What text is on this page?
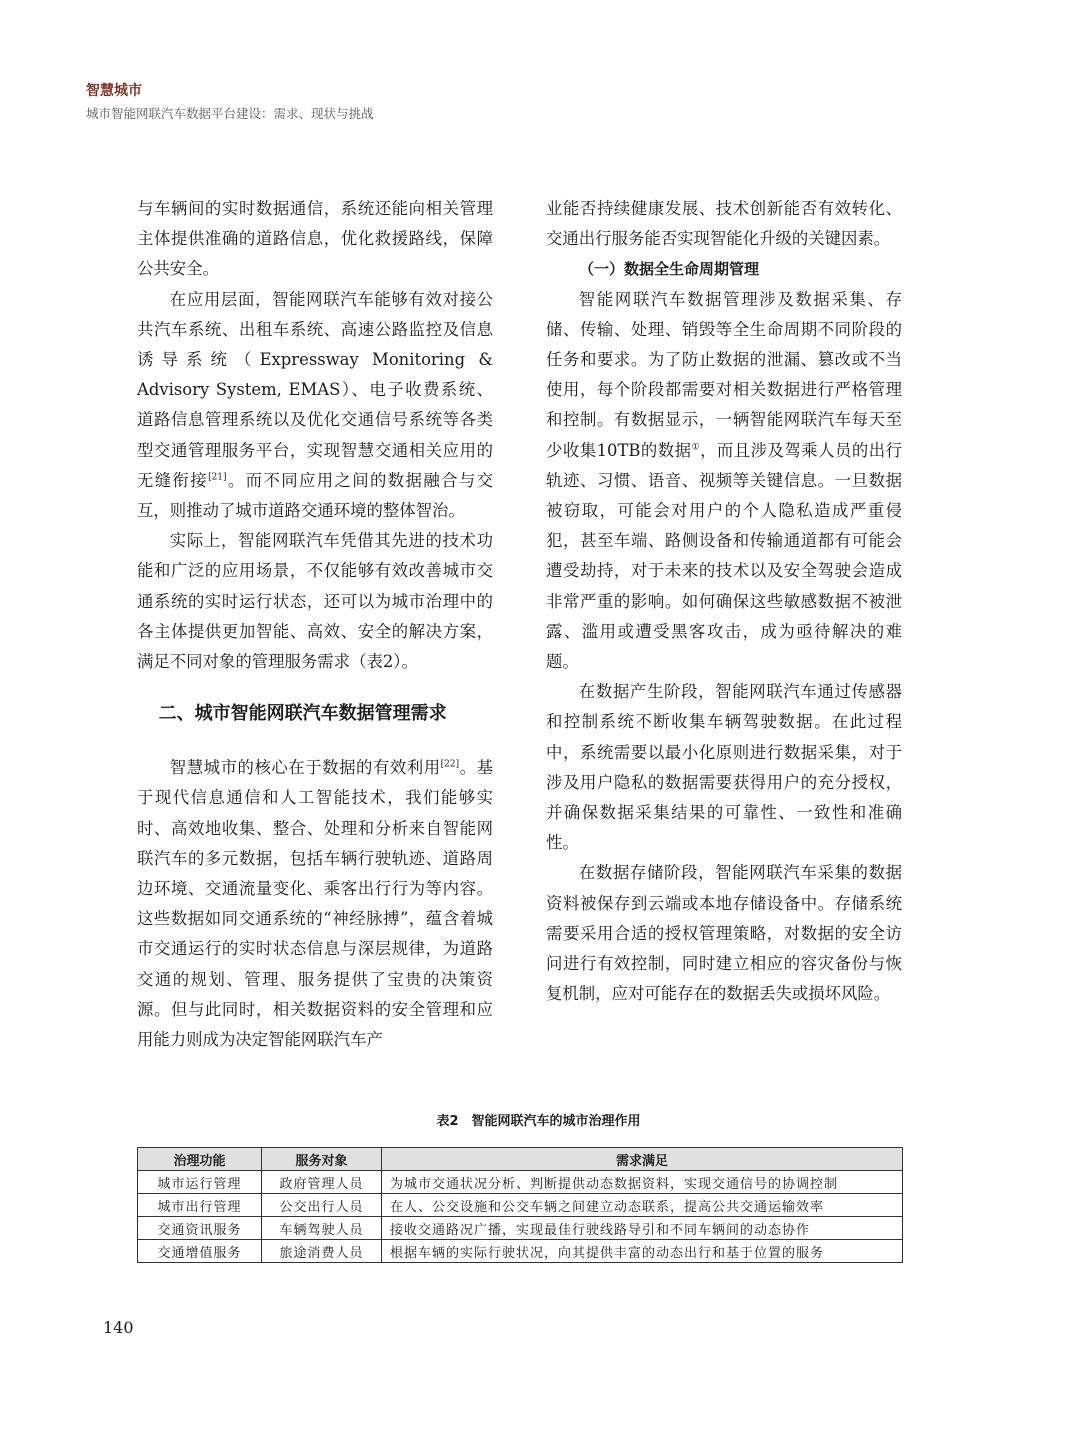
智慧城市
城市智能网联汽车数据平台建设：需求、现状与挑战

与车辆间的实时数据通信，系统还能向相关管理主体提供准确的道路信息，优化救援路线，保障公共安全。

在应用层面，智能网联汽车能够有效对接公共汽车系统、出租车系统、高速公路监控及信息诱导系统（Expressway Monitoring & Advisory System, EMAS）、电子收费系统、道路信息管理系统以及优化交通信号系统等各类型交通管理服务平台，实现智慧交通相关应用的无缝衔接[21]。而不同应用之间的数据融合与交互，则推动了城市道路交通环境的整体智治。

实际上，智能网联汽车凭借其先进的技术功能和广泛的应用场景，不仅能够有效改善城市交通系统的实时运行状态，还可以为城市治理中的各主体提供更加智能、高效、安全的解决方案，满足不同对象的管理服务需求（表2）。

二、城市智能网联汽车数据管理需求

智慧城市的核心在于数据的有效利用[22]。基于现代信息通信和人工智能技术，我们能够实时、高效地收集、整合、处理和分析来自智能网联汽车的多元数据，包括车辆行驶轨迹、道路周边环境、交通流量变化、乘客出行行为等内容。这些数据如同交通系统的“神经脉搏”，蕴含着城市交通运行的实时状态信息与深层规律，为道路交通的规划、管理、服务提供了宝贵的决策资源。但与此同时，相关数据资料的安全管理和应用能力则成为决定智能网联汽车产

业能否持续健康发展、技术创新能否有效转化、交通出行服务能否实现智能化升级的关键因素。

（一）数据全生命周期管理

智能网联汽车数据管理涉及数据采集、存储、传输、处理、销毁等全生命周期不同阶段的任务和要求。为了防止数据的泄漏、篡改或不当使用，每个阶段都需要对相关数据进行严格管理和控制。有数据显示，一辆智能网联汽车每天至少收集10TB的数据①，而且涉及驾乘人员的出行轨迹、习惯、语音、视频等关键信息。一旦数据被窃取，可能会对用户的个人隐私造成严重侵犯，甚至车端、路侧设备和传输通道都有可能会遭受劫持，对于未来的技术以及安全驾驶会造成非常严重的影响。如何确保这些敏感数据不被泄露、滥用或遭受黑客攻击，成为亟待解决的难题。

在数据产生阶段，智能网联汽车通过传感器和控制系统不断收集车辆驾驶数据。在此过程中，系统需要以最小化原则进行数据采集，对于涉及用户隐私的数据需要获得用户的充分授权，并确保数据采集结果的可靠性、一致性和准确性。

在数据存储阶段，智能网联汽车采集的数据资料被保存到云端或本地存储设备中。存储系统需要采用合适的授权管理策略，对数据的安全访问进行有效控制，同时建立相应的容灾备份与恢复机制，应对可能存在的数据丢失或损坏风险。

表2　智能网联汽车的城市治理作用
治理功能	服务对象	需求满足
城市运行管理	政府管理人员	为城市交通状况分析、判断提供动态数据资料，实现交通信号的协调控制
城市出行管理	公交出行人员	在人、公交设施和公交车辆之间建立动态联系，提高公共交通运输效率
交通资讯服务	车辆驾驶人员	接收交通路况广播，实现最佳行驶线路导引和不同车辆间的动态协作
交通增值服务	旅途消费人员	根据车辆的实际行驶状况，向其提供丰富的动态出行和基于位置的服务
140
